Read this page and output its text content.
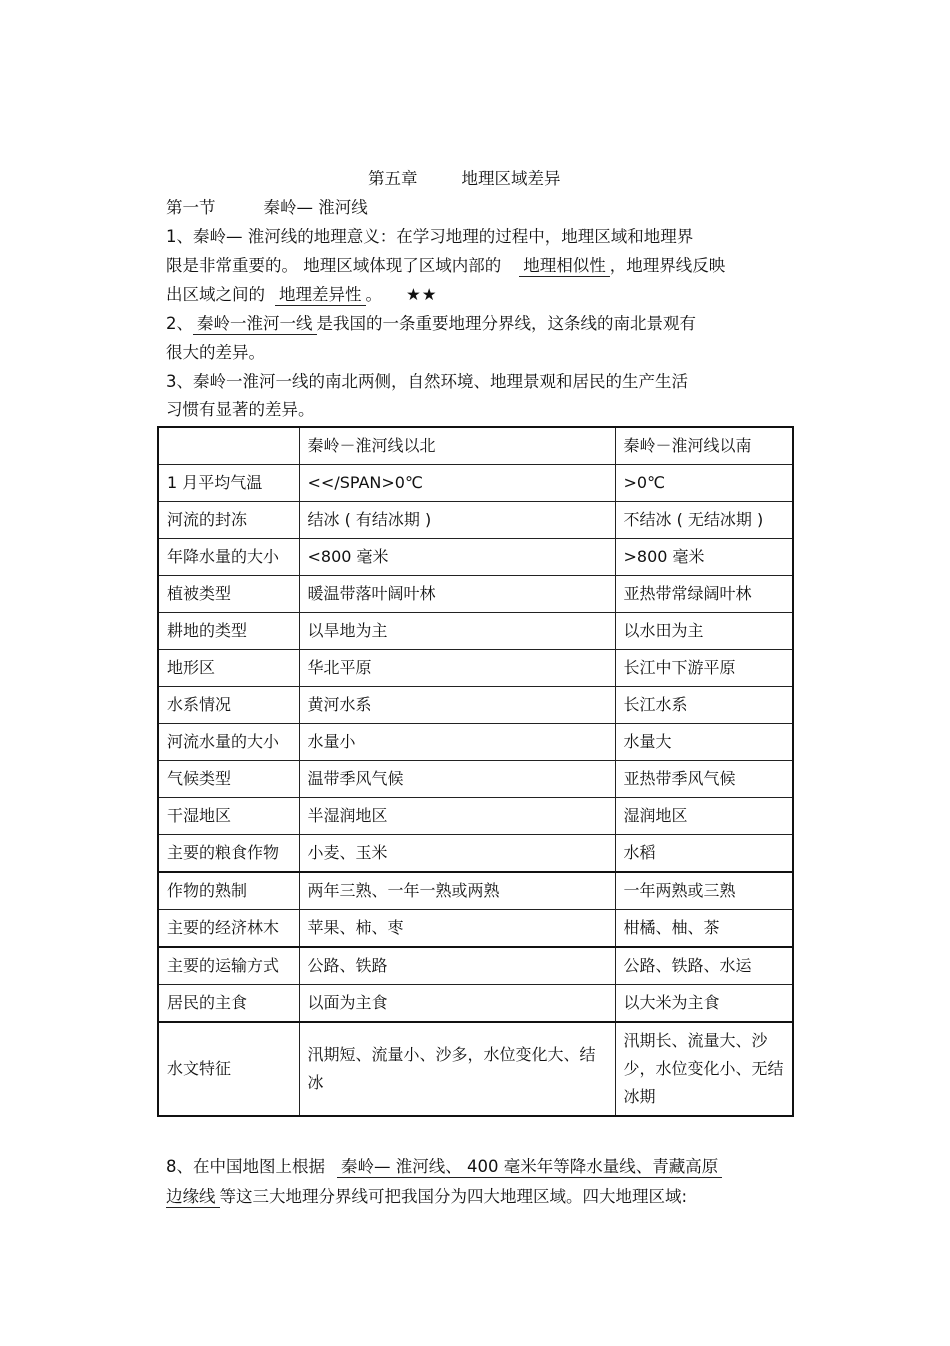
第五章	地理区域差异
第一节	秦岭— 淮河线
1、秦岭— 淮河线的地理意义：在学习地理的过程中，地理区域和地理界
限是非常重要的。 地理区域体现了区域内部的 地理相似性 ，地理界线反映
出区域之间的 地理差异性 。 ★★
2、 秦岭一淮河一线 是我国的一条重要地理分界线，这条线的南北景观有
很大的差异。
3、秦岭一淮河一线的南北两侧，自然环境、地理景观和居民的生产生活
习惯有显著的差异。
	秦岭－淮河线以北	秦岭－淮河线以南
1 月平均气温	<</SPAN>0℃	>0℃
河流的封冻	结冰 ( 有结冰期 )	不结冰 ( 无结冰期 )
年降水量的大小	<800 毫米	>800 毫米
植被类型	暖温带落叶阔叶林	亚热带常绿阔叶林
耕地的类型	以旱地为主	以水田为主
地形区	华北平原	长江中下游平原
水系情况	黄河水系	长江水系
河流水量的大小	水量小	水量大
气候类型	温带季风气候	亚热带季风气候
干湿地区	半湿润地区	湿润地区
主要的粮食作物	小麦、玉米	水稻
作物的熟制	两年三熟、一年一熟或两熟	一年两熟或三熟
主要的经济林木	苹果、柿、枣	柑橘、柚、茶
主要的运输方式	公路、铁路	公路、铁路、水运
居民的主食	以面为主食	以大米为主食
水文特征	汛期短、流量小、沙多，水位变化大、结冰	汛期长、流量大、沙少，水位变化小、无结冰期
8、在中国地图上根据 秦岭— 淮河线、 400 毫米年等降水量线、青藏高原
边缘线 等这三大地理分界线可把我国分为四大地理区域。四大地理区域:
